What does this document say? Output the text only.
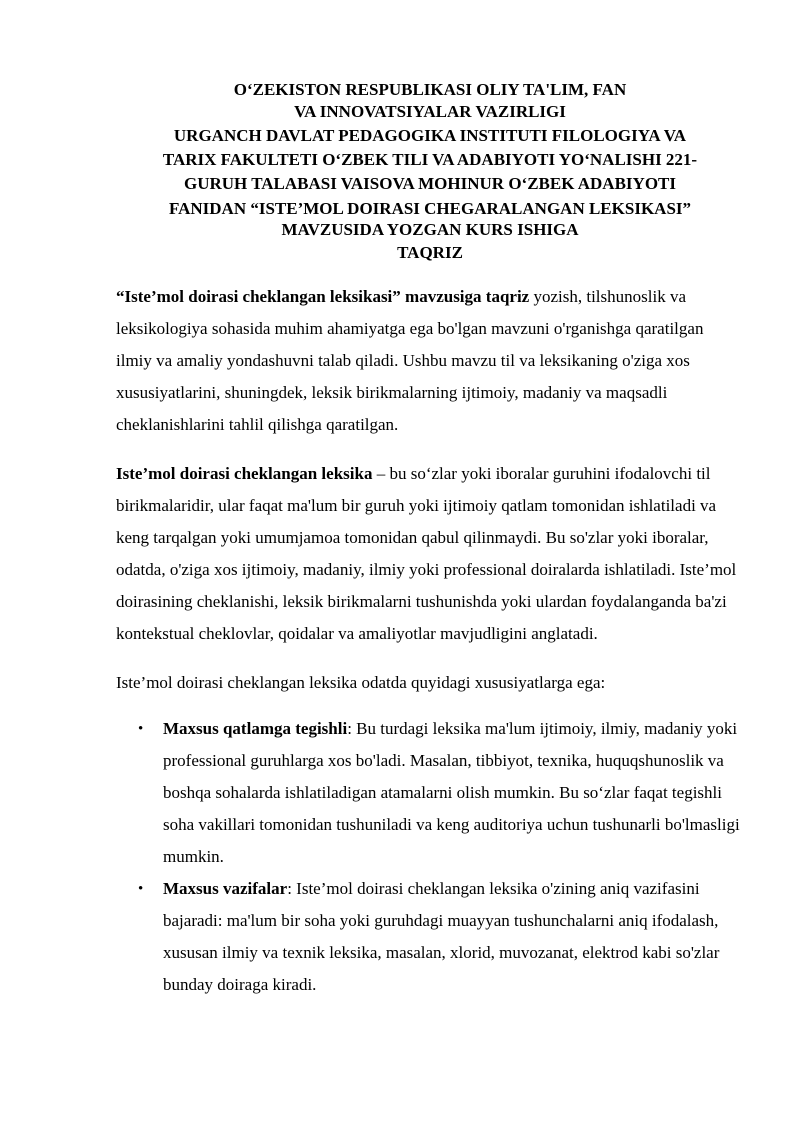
O‘ZEKISTON RESPUBLIKASI OLIY TA'LIM, FAN
VA INNOVATSIYALAR VAZIRLIGI
URGANCH DAVLAT PEDAGOGIKA INSTITUTI FILOLOGIYA VA
TARIX FAKULTETI O‘ZBEK TILI VA ADABIYOTI YO‘NALISHI 221-
GURUH TALABASI VAISOVA MOHINUR O‘ZBEK ADABIYOTI
FANIDAN “ISTE’MOL DOIRASI CHEGARALANGAN LEKSIKASI”
MAVZUSIDA YOZGAN KURS ISHIGA
TAQRIZ

“Iste’mol doirasi cheklangan leksikasi” mavzusiga taqriz yozish, tilshunoslik va leksikologiya sohasida muhim ahamiyatga ega bo'lgan mavzuni o'rganishga qaratilgan ilmiy va amaliy yondashuvni talab qiladi. Ushbu mavzu til va leksikaning o'ziga xos xususiyatlarini, shuningdek, leksik birikmalarning ijtimoiy, madaniy va maqsadli cheklanishlarini tahlil qilishga qaratilgan.

Iste’mol doirasi cheklangan leksika – bu so‘zlar yoki iboralar guruhini ifodalovchi til birikmalaridir, ular faqat ma'lum bir guruh yoki ijtimoiy qatlam tomonidan ishlatiladi va keng tarqalgan yoki umumjamoa tomonidan qabul qilinmaydi. Bu so'zlar yoki iboralar, odatda, o'ziga xos ijtimoiy, madaniy, ilmiy yoki professional doiralarda ishlatiladi. Iste’mol doirasining cheklanishi, leksik birikmalarni tushunishda yoki ulardan foydalanganda ba'zi kontekstual cheklovlar, qoidalar va amaliyotlar mavjudligini anglatadi.

Iste’mol doirasi cheklangan leksika odatda quyidagi xususiyatlarga ega:

• Maxsus qatlamga tegishli: Bu turdagi leksika ma'lum ijtimoiy, ilmiy, madaniy yoki professional guruhlarga xos bo'ladi. Masalan, tibbiyot, texnika, huquqshunoslik va boshqa sohalarda ishlatiladigan atamalarni olish mumkin. Bu so‘zlar faqat tegishli soha vakillari tomonidan tushuniladi va keng auditoriya uchun tushunarli bo'lmasligi mumkin.
• Maxsus vazifalar: Iste’mol doirasi cheklangan leksika o'zining aniq vazifasini bajaradi: ma'lum bir soha yoki guruhdagi muayyan tushunchalarni aniq ifodalash, xususan ilmiy va texnik leksika, masalan, xlorid, muvozanat, elektrod kabi so'zlar bunday doiraga kiradi.
